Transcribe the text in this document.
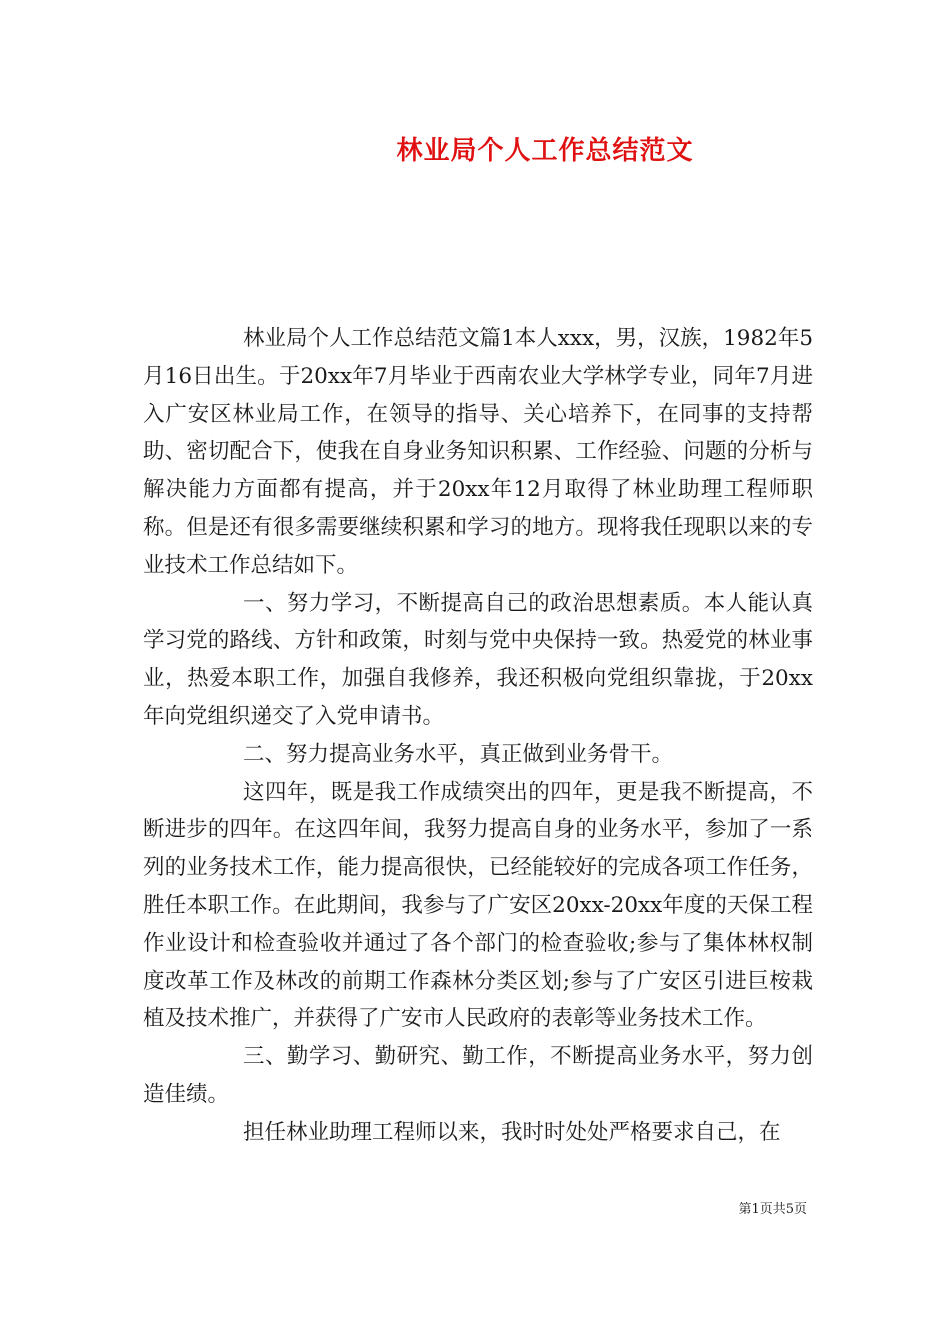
林业局个人工作总结范文

林业局个人工作总结范文篇1本人xxx，男，汉族，1982年5月16日出生。于20xx年7月毕业于西南农业大学林学专业，同年7月进入广安区林业局工作，在领导的指导、关心培养下，在同事的支持帮助、密切配合下，使我在自身业务知识积累、工作经验、问题的分析与解决能力方面都有提高，并于20xx年12月取得了林业助理工程师职称。但是还有很多需要继续积累和学习的地方。现将我任现职以来的专业技术工作总结如下。

一、努力学习，不断提高自己的政治思想素质。本人能认真学习党的路线、方针和政策，时刻与党中央保持一致。热爱党的林业事业，热爱本职工作，加强自我修养，我还积极向党组织靠拢，于20xx年向党组织递交了入党申请书。

二、努力提高业务水平，真正做到业务骨干。

这四年，既是我工作成绩突出的四年，更是我不断提高，不断进步的四年。在这四年间，我努力提高自身的业务水平，参加了一系列的业务技术工作，能力提高很快，已经能较好的完成各项工作任务，胜任本职工作。在此期间，我参与了广安区20xx-20xx年度的天保工程作业设计和检查验收并通过了各个部门的检查验收;参与了集体林权制度改革工作及林改的前期工作森林分类区划;参与了广安区引进巨桉栽植及技术推广，并获得了广安市人民政府的表彰等业务技术工作。

三、勤学习、勤研究、勤工作，不断提高业务水平，努力创造佳绩。

担任林业助理工程师以来，我时时处处严格要求自己，在

第1页共5页
